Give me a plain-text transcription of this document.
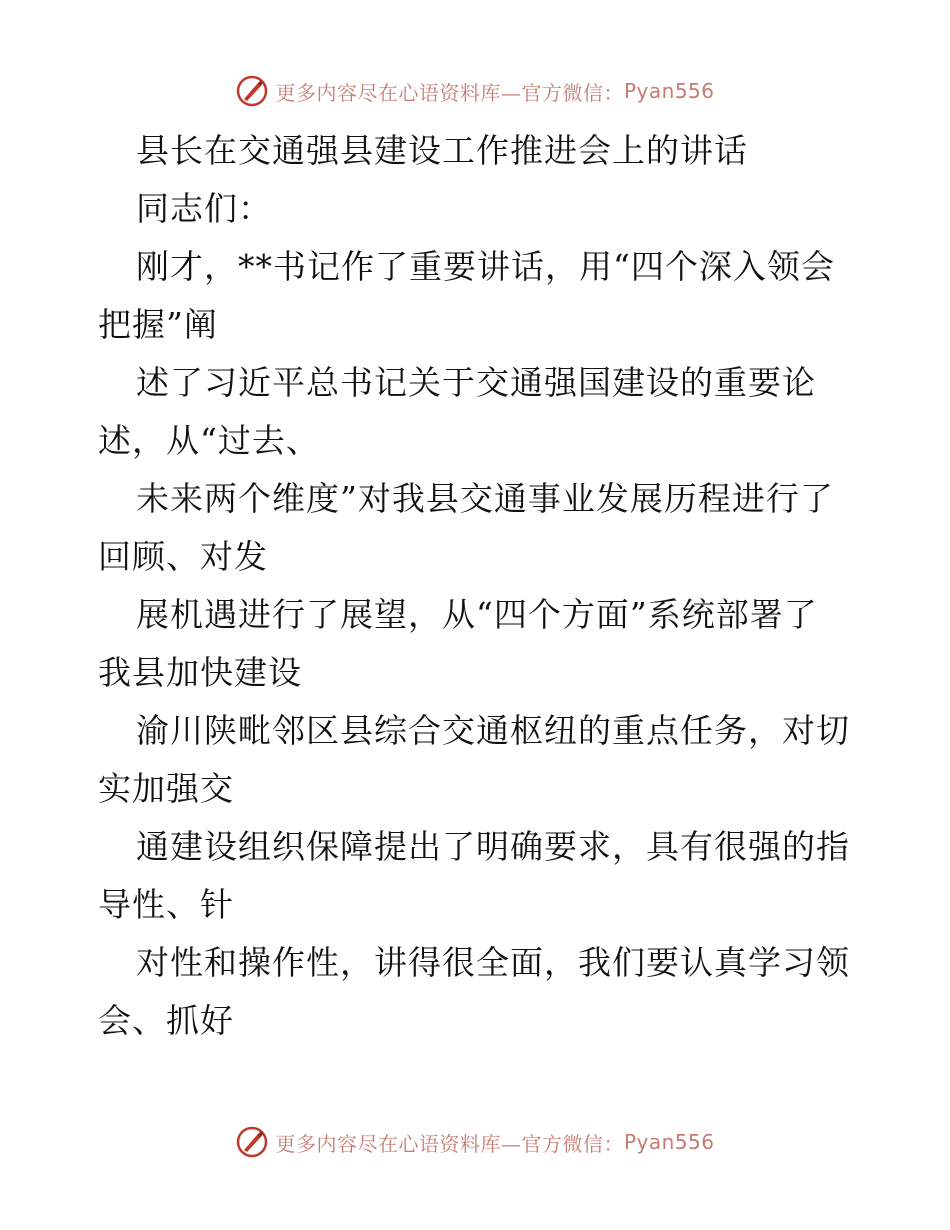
更多内容尽在心语资料库—官方微信： Pyan556
县长在交通强县建设工作推进会上的讲话
同志们：
刚才，**书记作了重要讲话，用“四个深入领会
把握”阐
述了习近平总书记关于交通强国建设的重要论
述，从“过去、
未来两个维度”对我县交通事业发展历程进行了
回顾、对发
展机遇进行了展望，从“四个方面”系统部署了
我县加快建设
渝川陕毗邻区县综合交通枢纽的重点任务，对切
实加强交
通建设组织保障提出了明确要求，具有很强的指
导性、针
对性和操作性，讲得很全面，我们要认真学习领
会、抓好
更多内容尽在心语资料库—官方微信： Pyan556
